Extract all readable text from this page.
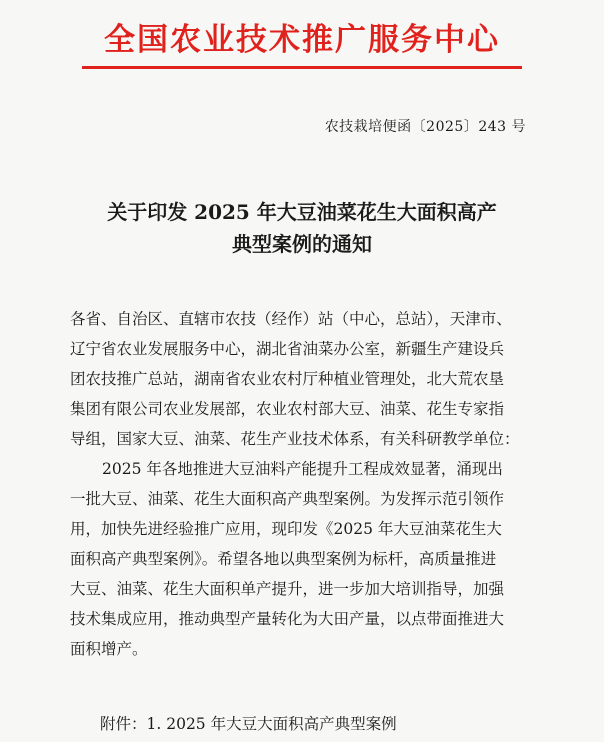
全国农业技术推广服务中心
农技栽培便函〔2025〕243 号
关于印发 2025 年大豆油菜花生大面积高产
典型案例的通知
各省、自治区、直辖市农技（经作）站（中心，总站），天津市、
辽宁省农业发展服务中心，湖北省油菜办公室，新疆生产建设兵
团农技推广总站，湖南省农业农村厅种植业管理处，北大荒农垦
集团有限公司农业发展部，农业农村部大豆、油菜、花生专家指
导组，国家大豆、油菜、花生产业技术体系，有关科研教学单位：
2025 年各地推进大豆油料产能提升工程成效显著，涌现出
一批大豆、油菜、花生大面积高产典型案例。为发挥示范引领作
用，加快先进经验推广应用，现印发《2025 年大豆油菜花生大
面积高产典型案例》。希望各地以典型案例为标杆，高质量推进
大豆、油菜、花生大面积单产提升，进一步加大培训指导，加强
技术集成应用，推动典型产量转化为大田产量，以点带面推进大
面积增产。
附件：1. 2025 年大豆大面积高产典型案例
